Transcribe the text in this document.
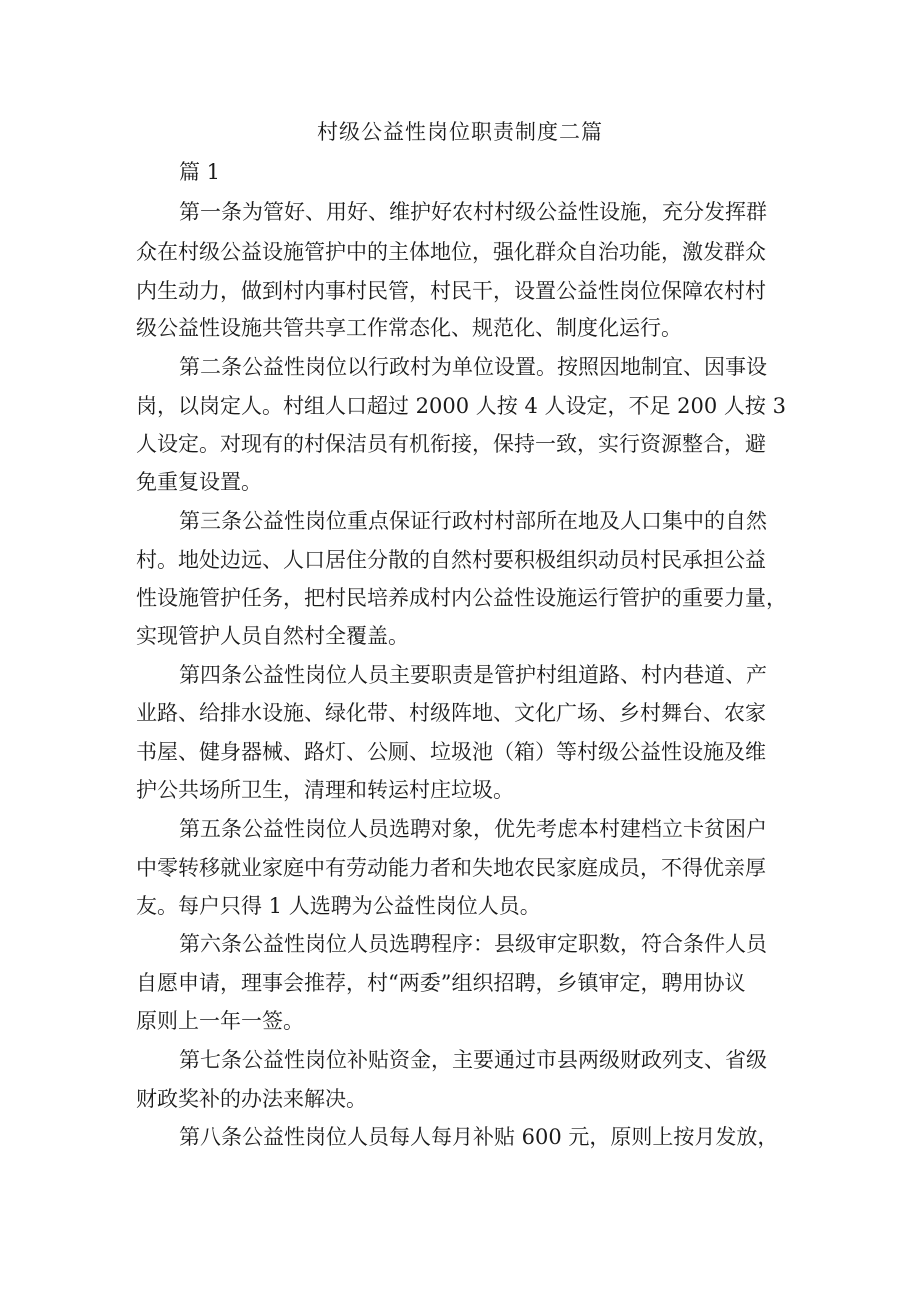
村级公益性岗位职责制度二篇

篇 1

第一条为管好、用好、维护好农村村级公益性设施，充分发挥群

众在村级公益设施管护中的主体地位，强化群众自治功能，激发群众

内生动力，做到村内事村民管，村民干，设置公益性岗位保障农村村

级公益性设施共管共享工作常态化、规范化、制度化运行。

第二条公益性岗位以行政村为单位设置。按照因地制宜、因事设

岗，以岗定人。村组人口超过 2000 人按 4 人设定，不足 200 人按 3

人设定。对现有的村保洁员有机衔接，保持一致，实行资源整合，避

免重复设置。

第三条公益性岗位重点保证行政村村部所在地及人口集中的自然

村。地处边远、人口居住分散的自然村要积极组织动员村民承担公益

性设施管护任务，把村民培养成村内公益性设施运行管护的重要力量，

实现管护人员自然村全覆盖。

第四条公益性岗位人员主要职责是管护村组道路、村内巷道、产

业路、给排水设施、绿化带、村级阵地、文化广场、乡村舞台、农家

书屋、健身器械、路灯、公厕、垃圾池（箱）等村级公益性设施及维

护公共场所卫生，清理和转运村庄垃圾。

第五条公益性岗位人员选聘对象，优先考虑本村建档立卡贫困户

中零转移就业家庭中有劳动能力者和失地农民家庭成员，不得优亲厚

友。每户只得 1 人选聘为公益性岗位人员。

第六条公益性岗位人员选聘程序：县级审定职数，符合条件人员

自愿申请，理事会推荐，村“两委”组织招聘，乡镇审定，聘用协议

原则上一年一签。

第七条公益性岗位补贴资金，主要通过市县两级财政列支、省级

财政奖补的办法来解决。

第八条公益性岗位人员每人每月补贴 600 元，原则上按月发放，
